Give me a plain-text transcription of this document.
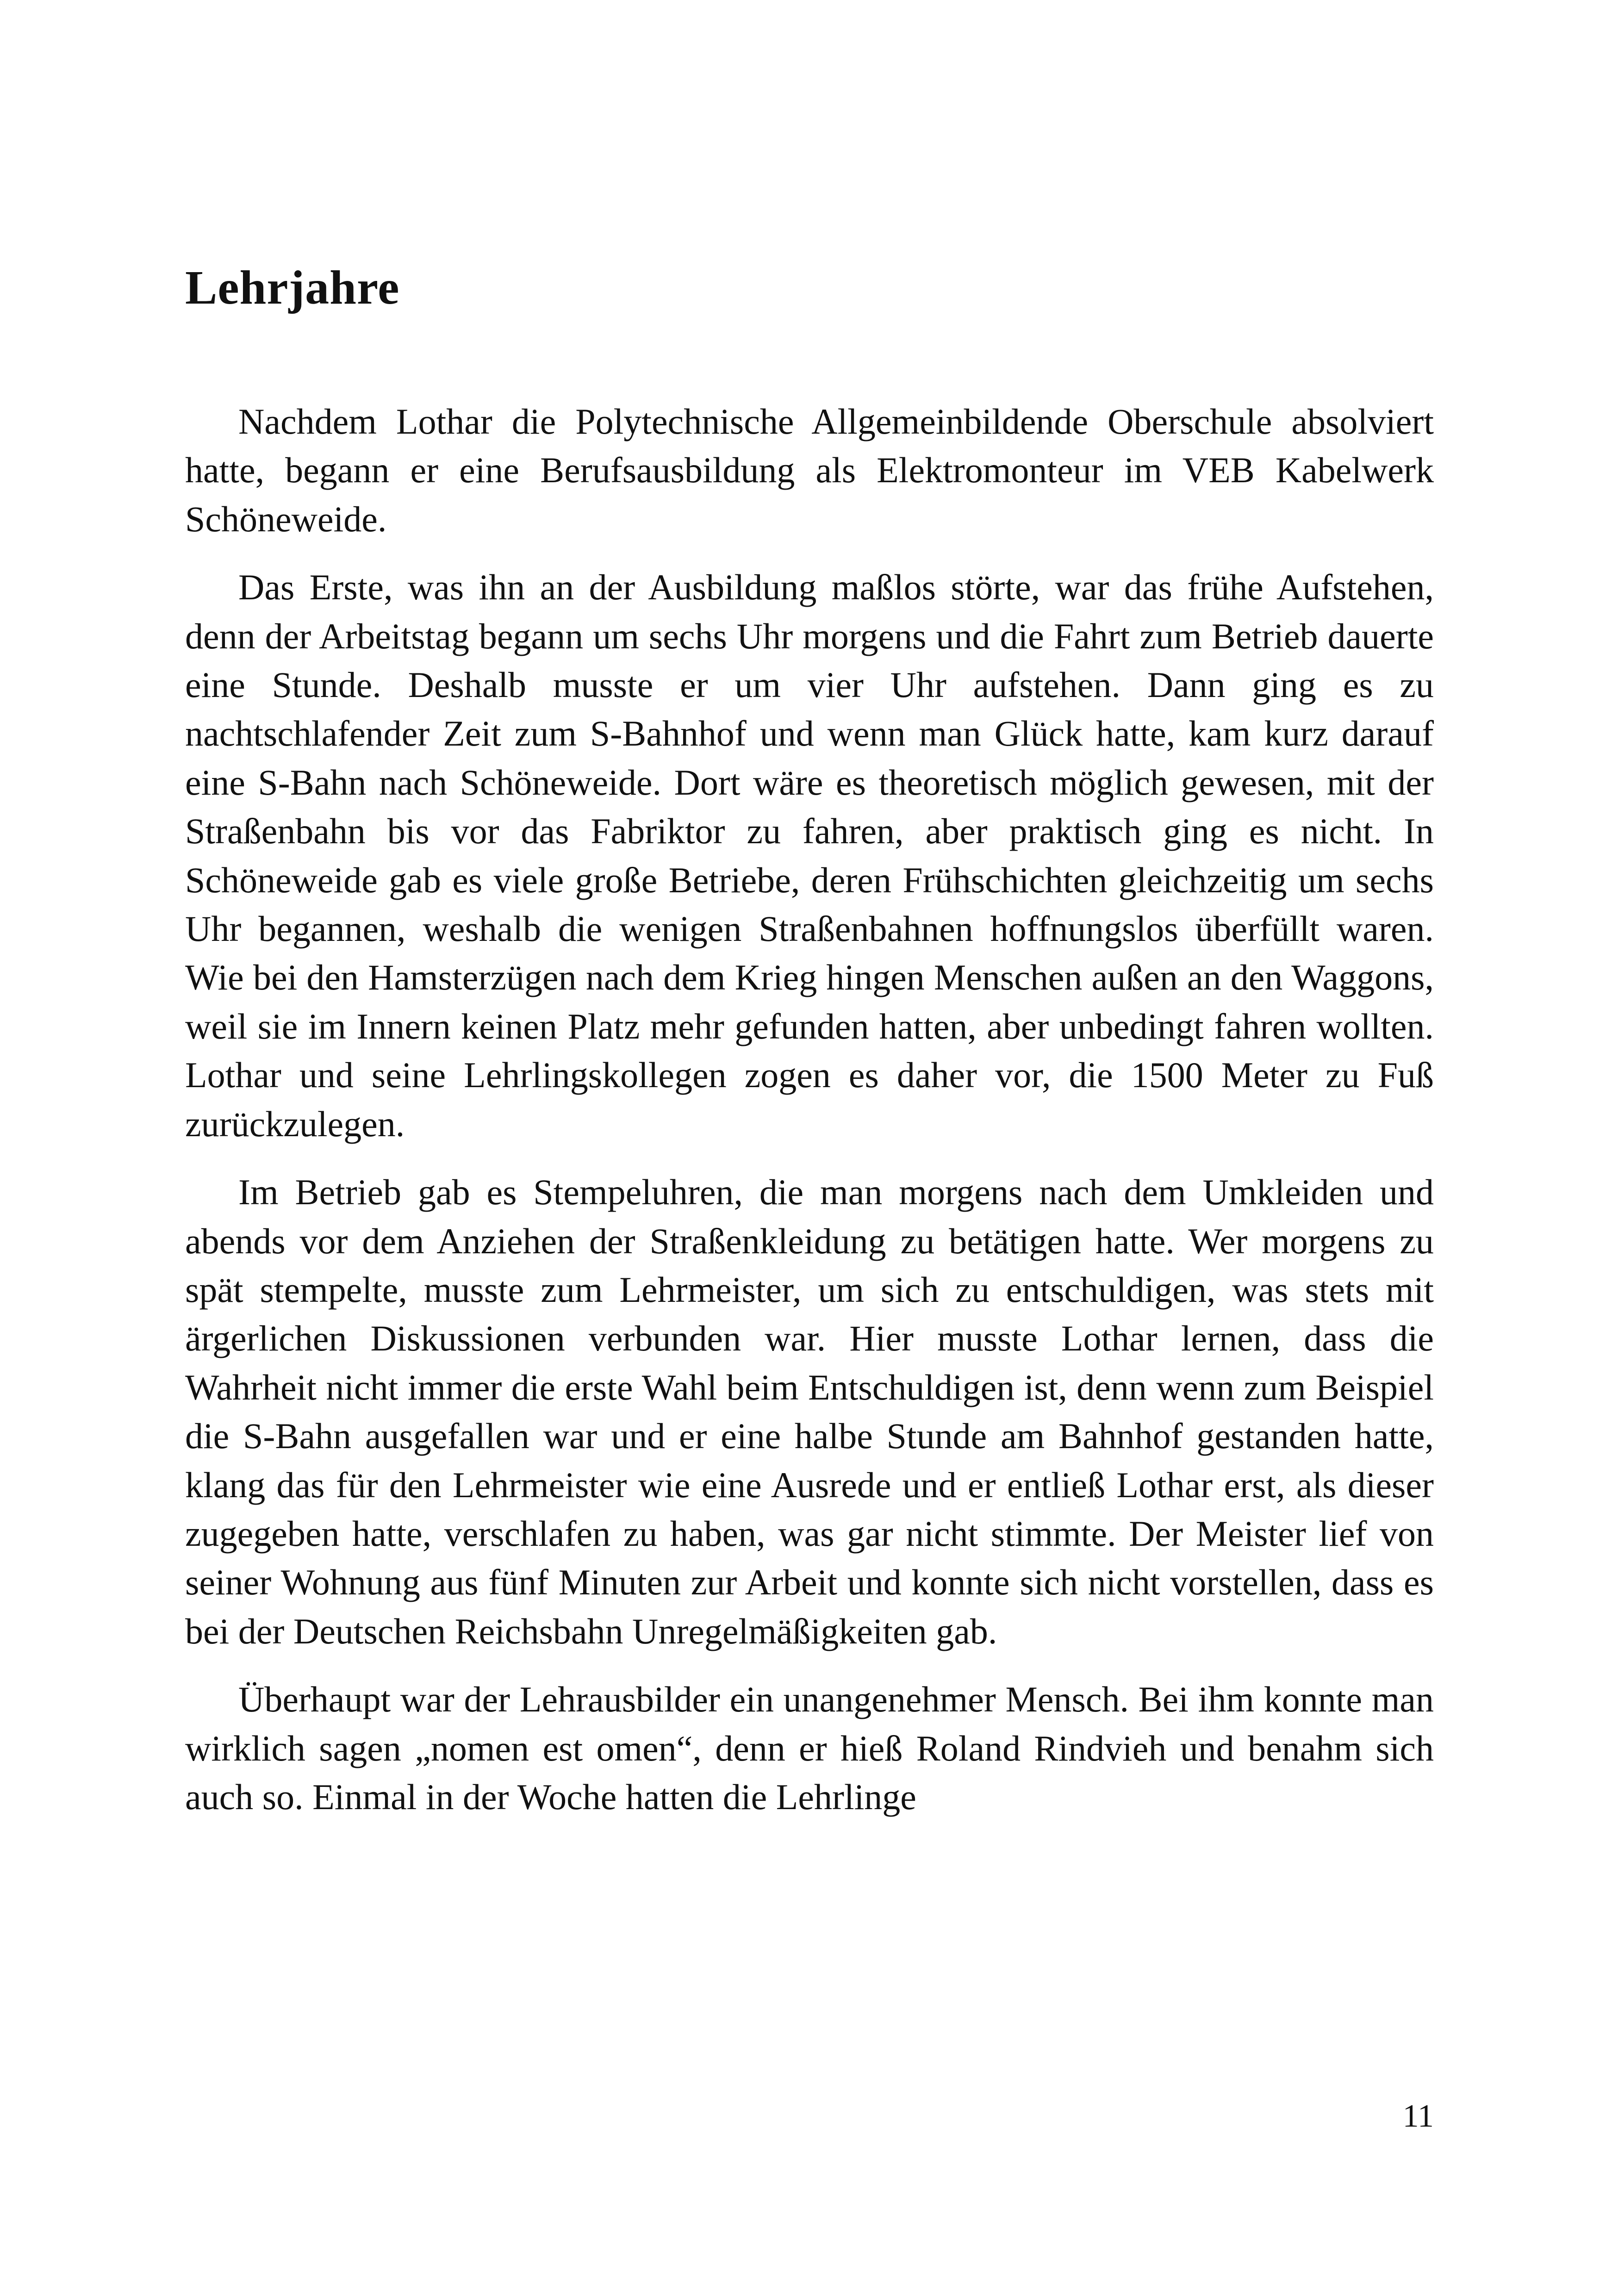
Lehrjahre

Nachdem Lothar die Polytechnische Allgemeinbildende Oberschule absolviert hatte, begann er eine Berufsausbildung als Elektromonteur im VEB Kabelwerk Schöneweide.

Das Erste, was ihn an der Ausbildung maßlos störte, war das frühe Aufstehen, denn der Arbeitstag begann um sechs Uhr morgens und die Fahrt zum Betrieb dauerte eine Stunde. Deshalb musste er um vier Uhr aufstehen. Dann ging es zu nachtschlafender Zeit zum S-Bahnhof und wenn man Glück hatte, kam kurz darauf eine S-Bahn nach Schöneweide. Dort wäre es theoretisch möglich gewesen, mit der Straßenbahn bis vor das Fabriktor zu fahren, aber praktisch ging es nicht. In Schöneweide gab es viele große Betriebe, deren Frühschichten gleichzeitig um sechs Uhr begannen, weshalb die wenigen Straßenbahnen hoffnungslos überfüllt waren. Wie bei den Hamsterzügen nach dem Krieg hingen Menschen außen an den Waggons, weil sie im Innern keinen Platz mehr gefunden hatten, aber unbedingt fahren wollten. Lothar und seine Lehrlingskollegen zogen es daher vor, die 1500 Meter zu Fuß zurückzulegen.

Im Betrieb gab es Stempeluhren, die man morgens nach dem Umkleiden und abends vor dem Anziehen der Straßenkleidung zu betätigen hatte. Wer morgens zu spät stempelte, musste zum Lehrmeister, um sich zu entschuldigen, was stets mit ärgerlichen Diskussionen verbunden war. Hier musste Lothar lernen, dass die Wahrheit nicht immer die erste Wahl beim Entschuldigen ist, denn wenn zum Beispiel die S-Bahn ausgefallen war und er eine halbe Stunde am Bahnhof gestanden hatte, klang das für den Lehrmeister wie eine Ausrede und er entließ Lothar erst, als dieser zugegeben hatte, verschlafen zu haben, was gar nicht stimmte. Der Meister lief von seiner Wohnung aus fünf Minuten zur Arbeit und konnte sich nicht vorstellen, dass es bei der Deutschen Reichsbahn Unregelmäßigkeiten gab.

Überhaupt war der Lehrausbilder ein unangenehmer Mensch. Bei ihm konnte man wirklich sagen „nomen est omen“, denn er hieß Roland Rindvieh und benahm sich auch so. Einmal in der Woche hatten die Lehrlinge

11
